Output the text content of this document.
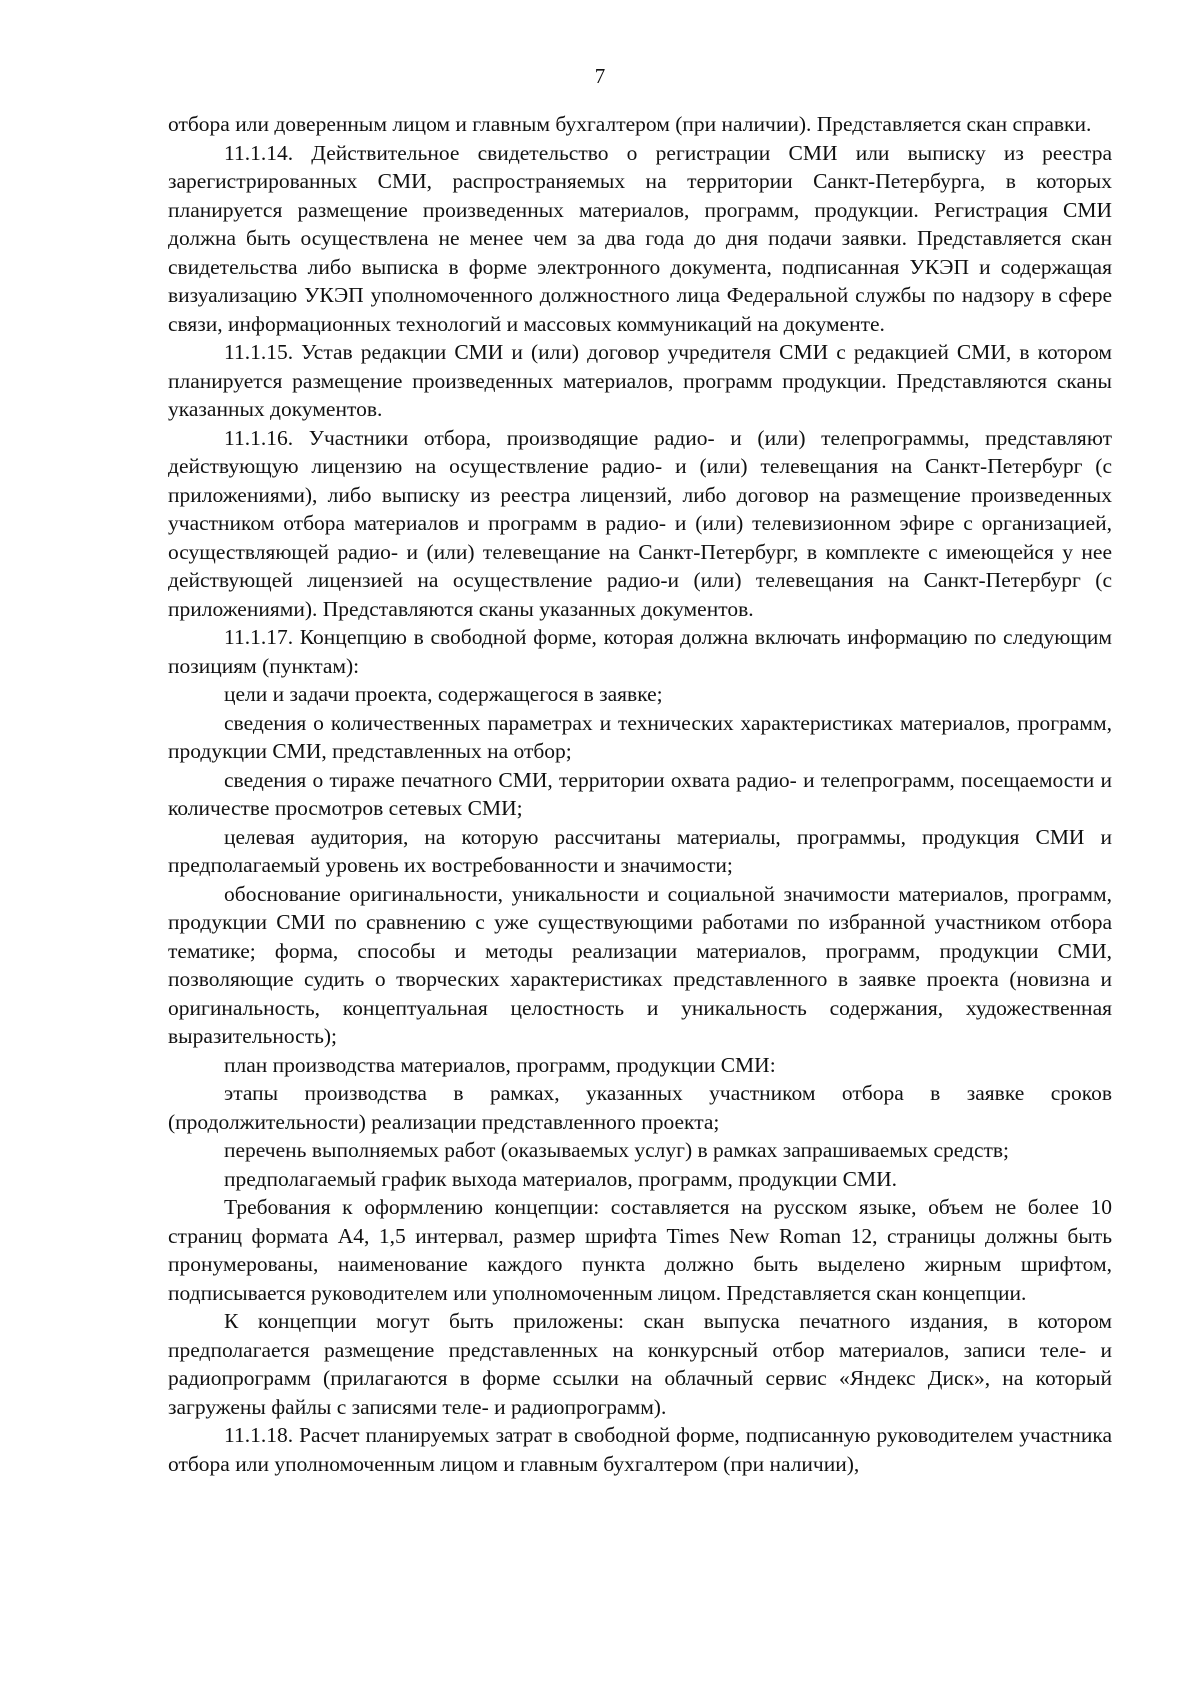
7

отбора или доверенным лицом и главным бухгалтером (при наличии). Представляется скан справки.

11.1.14. Действительное свидетельство о регистрации СМИ или выписку из реестра зарегистрированных СМИ, распространяемых на территории Санкт-Петербурга, в которых планируется размещение произведенных материалов, программ, продукции. Регистрация СМИ должна быть осуществлена не менее чем за два года до дня подачи заявки. Представляется скан свидетельства либо выписка в форме электронного документа, подписанная УКЭП и содержащая визуализацию УКЭП уполномоченного должностного лица Федеральной службы по надзору в сфере связи, информационных технологий и массовых коммуникаций на документе.

11.1.15. Устав редакции СМИ и (или) договор учредителя СМИ с редакцией СМИ, в котором планируется размещение произведенных материалов, программ продукции. Представляются сканы указанных документов.

11.1.16. Участники отбора, производящие радио- и (или) телепрограммы, представляют действующую лицензию на осуществление радио- и (или) телевещания на Санкт-Петербург (с приложениями), либо выписку из реестра лицензий, либо договор на размещение произведенных участником отбора материалов и программ в радио- и (или) телевизионном эфире с организацией, осуществляющей радио- и (или) телевещание на Санкт-Петербург, в комплекте с имеющейся у нее действующей лицензией на осуществление радио-и (или) телевещания на Санкт-Петербург (с приложениями). Представляются сканы указанных документов.

11.1.17. Концепцию в свободной форме, которая должна включать информацию по следующим позициям (пунктам):

цели и задачи проекта, содержащегося в заявке;

сведения о количественных параметрах и технических характеристиках материалов, программ, продукции СМИ, представленных на отбор;

сведения о тираже печатного СМИ, территории охвата радио- и телепрограмм, посещаемости и количестве просмотров сетевых СМИ;

целевая аудитория, на которую рассчитаны материалы, программы, продукция СМИ и предполагаемый уровень их востребованности и значимости;

обоснование оригинальности, уникальности и социальной значимости материалов, программ, продукции СМИ по сравнению с уже существующими работами по избранной участником отбора тематике; форма, способы и методы реализации материалов, программ, продукции СМИ, позволяющие судить о творческих характеристиках представленного в заявке проекта (новизна и оригинальность, концептуальная целостность и уникальность содержания, художественная выразительность);

план производства материалов, программ, продукции СМИ:

этапы производства в рамках, указанных участником отбора в заявке сроков (продолжительности) реализации представленного проекта;

перечень выполняемых работ (оказываемых услуг) в рамках запрашиваемых средств;

предполагаемый график выхода материалов, программ, продукции СМИ.

Требования к оформлению концепции: составляется на русском языке, объем не более 10 страниц формата А4, 1,5 интервал, размер шрифта Times New Roman 12, страницы должны быть пронумерованы, наименование каждого пункта должно быть выделено жирным шрифтом, подписывается руководителем или уполномоченным лицом. Представляется скан концепции.

К концепции могут быть приложены: скан выпуска печатного издания, в котором предполагается размещение представленных на конкурсный отбор материалов, записи теле- и радиопрограмм (прилагаются в форме ссылки на облачный сервис «Яндекс Диск», на который загружены файлы с записями теле- и радиопрограмм).

11.1.18. Расчет планируемых затрат в свободной форме, подписанную руководителем участника отбора или уполномоченным лицом и главным бухгалтером (при наличии),
